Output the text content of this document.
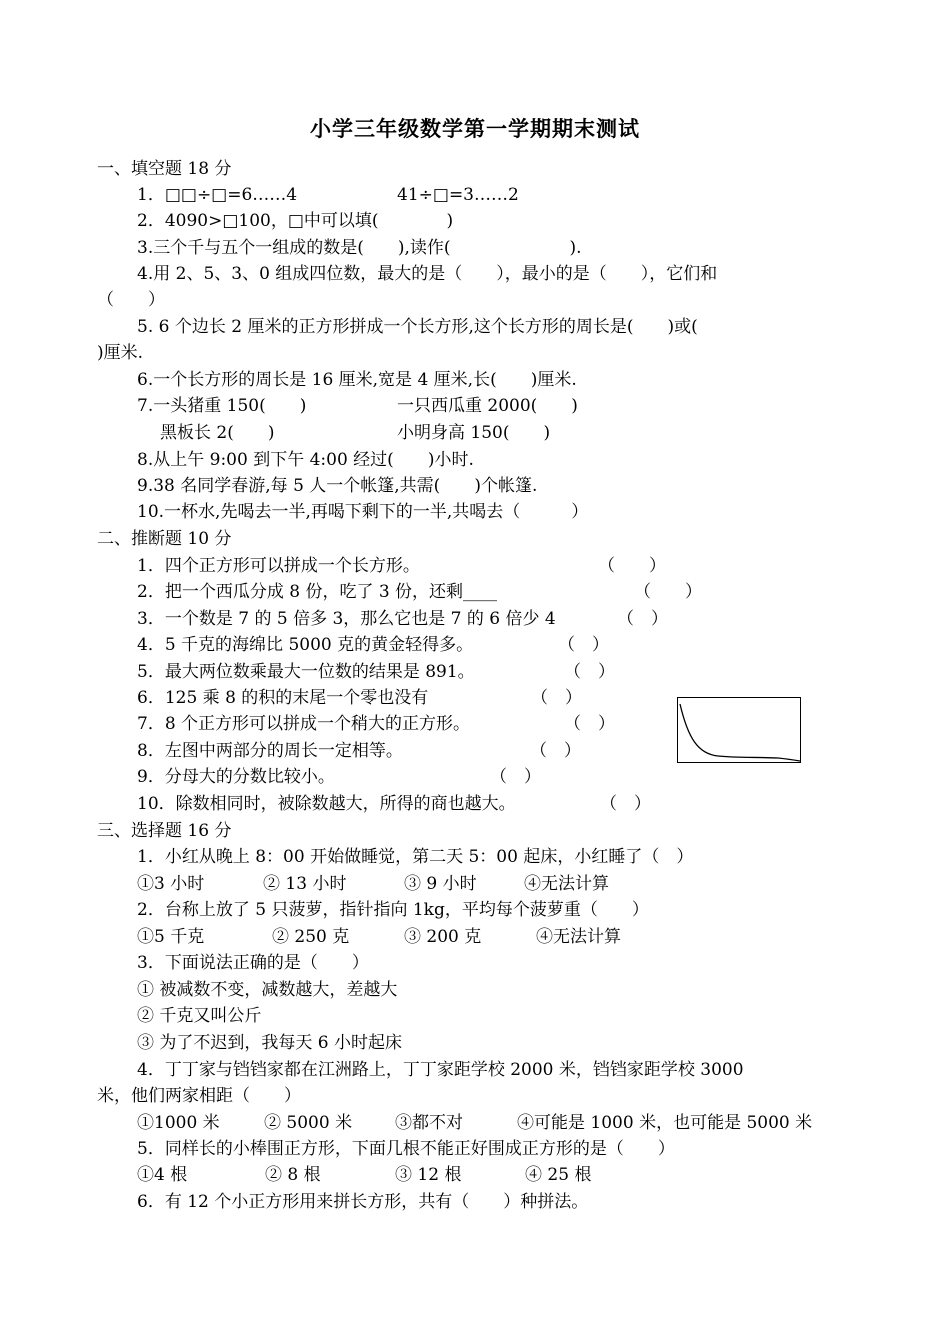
小学三年级数学第一学期期末测试
一、填空题 18 分
1．□□÷□=6……4	41÷□=3……2
2．4090>□100，□中可以填(　　　　)
3.三个千与五个一组成的数是(　　),读作(　　　　　　　).
4.用 2、5、3、0 组成四位数，最大的是（　　），最小的是（　　），它们和
（　　）
5. 6 个边长 2 厘米的正方形拼成一个长方形,这个长方形的周长是(　　)或(
)厘米.
6.一个长方形的周长是 16 厘米,宽是 4 厘米,长(　　)厘米.
7.一头猪重 150(　　)	一只西瓜重 2000(　　)
黑板长 2(　　)	小明身高 150(　　)
8.从上午 9:00 到下午 4:00 经过(　　)小时.
9.38 名同学春游,每 5 人一个帐篷,共需(　　)个帐篷.
10.一杯水,先喝去一半,再喝下剩下的一半,共喝去（　　　）
二、推断题 10 分
1．四个正方形可以拼成一个长方形。	（　　）
2．把一个西瓜分成 8 份，吃了 3 份，还剩____	（　　）
3．一个数是 7 的 5 倍多 3，那么它也是 7 的 6 倍少 4	（　）
4．5 千克的海绵比 5000 克的黄金轻得多。	（　）
5．最大两位数乘最大一位数的结果是 891。	（　）
6．125 乘 8 的积的末尾一个零也没有	（　）
7．8 个正方形可以拼成一个稍大的正方形。	（　）
8．左图中两部分的周长一定相等。	（　）
9．分母大的分数比较小。	（　）
10．除数相同时，被除数越大，所得的商也越大。	（　）
三、选择题 16 分
1．小红从晚上 8：00 开始做睡觉，第二天 5：00 起床，小红睡了（　）
①3 小时	② 13 小时	③ 9 小时	④无法计算
2．台称上放了 5 只菠萝，指针指向 1kg，平均每个菠萝重（　　）
①5 千克	② 250 克	③ 200 克	④无法计算
3．下面说法正确的是（　　）
① 被减数不变，减数越大，差越大
② 千克又叫公斤
③ 为了不迟到，我每天 6 小时起床
4．丁丁家与铛铛家都在江洲路上，丁丁家距学校 2000 米，铛铛家距学校 3000
米，他们两家相距（　　）
①1000 米	② 5000 米	③都不对	④可能是 1000 米，也可能是 5000 米
5．同样长的小棒围正方形，下面几根不能正好围成正方形的是（　　）
①4 根	② 8 根	③ 12 根	④ 25 根
6．有 12 个小正方形用来拼长方形，共有（　　）种拼法。
